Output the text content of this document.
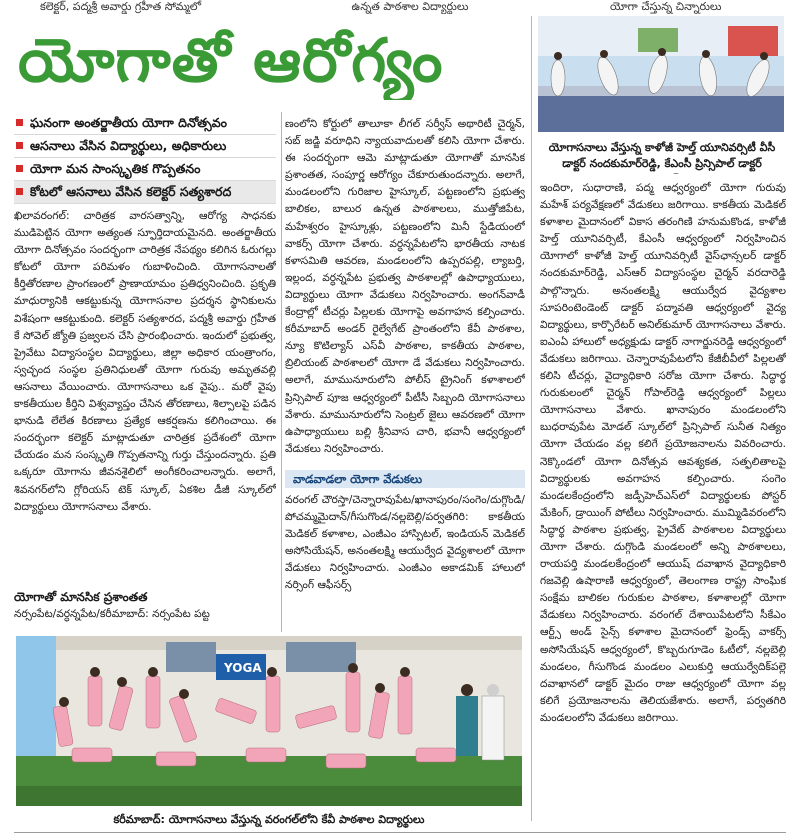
కలెక్టర్, పద్మశ్రీ అవార్డు గ్రహీత సోమ్మలో	ఉన్నత పాఠశాల విద్యార్థులు	యోగా చేస్తున్న చిన్నారులు
యోగాతో ఆరోగ్యం
యోగాసనాలు వేస్తున్న కాళోజీ హెల్త్ యూనివర్సిటీ వీసీ డాక్టర్ నందకుమార్‌రెడ్డి, కేఎంసీ ప్రిన్సిపాల్ డాక్టర్
ఘనంగా అంతర్జాతీయ యోగా దినోత్సవం
ఆసనాలు వేసిన విద్యార్థులు, అధికారులు
యోగా మన సాంస్కృతిక గొప్పతనం
కోటలో ఆసనాలు వేసిన కలెక్టర్ సత్యశారద
ఖిలావరంగల్: చారిత్రక వారసత్వాన్ని, ఆరోగ్య సాధనకు ముడిపెట్టిన యోగా అత్యంత స్ఫూర్తిదాయమైనది. అంతర్జాతీయ యోగా దినోత్సవం సందర్భంగా చారిత్రక నేపథ్యం కలిగిన ఓరుగల్లు కోటలో యోగా పరిమళం గుబాళించింది. యోగాసనాలతో కీర్తితోరణాల ప్రాంగణంలో ప్రాణాయామం ప్రతిధ్వనించింది. ప్రకృతి మాధుర్యానికి ఆకట్టుకున్న యోగాసనాల ప్రదర్శన స్థానికులను విశేషంగా ఆకట్టుకుంది. కలెక్టర్ సత్యశారద, పద్మశ్రీ అవార్డు గ్రహీత కే సోవెల్ జ్యోతి ప్రజ్వలన చేసి ప్రారంభించారు. ఇందులో ప్రభుత్వ, ప్రైవేటు విద్యాసంస్థల విద్యార్థులు, జిల్లా అధికార యంత్రాంగం, స్వచ్ఛంద సంస్థల ప్రతినిధులతో యోగా గురువు అమృతవల్లి ఆసనాలు వేయించారు. యోగాసనాలు ఒక వైపు.. మరో వైపు కాకతీయుల కీర్తిని విశ్వవ్యాప్తం చేసిన తోరణాలు, శిల్పాలపై పడిన భానుడి లేలేత కిరణాలు ప్రత్యేక ఆకర్షణను కలిగించాయి. ఈ సందర్భంగా కలెక్టర్ మాట్లాడుతూ చారిత్రక ప్రదేశంలో యోగా చేయడం మన సంస్కృతి గొప్పతనాన్ని గుర్తు చేస్తుందన్నారు. ప్రతి ఒక్కరూ యోగాను జీవనశైలిలో అంగీకరించాలన్నారు. అలాగే, శివనగర్‌లోని గ్లోరియస్ టెక్ స్కూల్, ఏకశిల డీజీ స్కూల్‌లో విద్యార్థులు యోగాసనాలు వేశారు.
యోగాతో మానసిక ప్రశాంతత
నర్సంపేట/వర్ధన్నపేట/కరీమాబాద్: నర్సంపేట పట్ట
ణంలోని కోర్టులో తాలూకా లీగల్ సర్వీస్ అథారిటీ చైర్మన్, సబ్ జడ్జి వరూధిని న్యాయవాదులతో కలిసి యోగా చేశారు. ఈ సందర్భంగా ఆమె మాట్లాడుతూ యోగాతో మానసిక ప్రశాంతత, సంపూర్ణ ఆరోగ్యం చేకూరుతుందన్నారు. అలాగే, మండలంలోని గురిజాల హైస్కూల్, పట్టణంలోని ప్రభుత్వ బాలికల, బాలుర ఉన్నత పాఠశాలలు, ముత్తోజిపేట, మహేశ్వరం హైస్కూళ్లు, పట్టణంలోని మినీ స్టేడియంలో వాకర్స్ యోగా చేశారు. వర్ధన్నపేటలోని భారతీయ నాటక కళాసమితి ఆవరణ, మండలంలోని ఉప్పరపల్లి, ల్యాబర్తి, ఇల్లంద, వర్ధన్నపేట ప్రభుత్వ పాఠశాలల్లో ఉపాధ్యాయులు, విద్యార్థులు యోగా వేడుకలు నిర్వహించారు. అంగన్‌వాడీ కేంద్రాల్లో టీచర్లు పిల్లలకు యోగాపై అవగాహన కల్పించారు. కరీమాబాద్ అండర్ రైల్వేగేట్ ప్రాంతంలోని కేవీ పాఠశాల, న్యూ కొటిల్యాస్ ఎస్‌వీ పాఠశాల, కాకతీయ పాఠశాల, బ్రిలియంట్ పాఠశాలలో యోగా డే వేడుకలు నిర్వహించారు. అలాగే, మామునూరులోని పోలీస్ ట్రైనింగ్ కళాశాలలో ప్రిన్సిపాల్ పూజ ఆధ్వర్యంలో పీటీసీ సిబ్బంది యోగాసనాలు వేశారు. మామునూరులోని సెంట్రల్ జైలు ఆవరణలో యోగా ఉపాధ్యాయులు బల్లి శ్రీనివాస చారి, భవానీ ఆధ్వర్యంలో వేడుకలు నిర్వహించారు.
వాడవాడలా యోగా వేడుకలు
వరంగల్‌ చౌరస్తా/చెన్నారావుపేట/ఖానాపురం/సంగెం/దుగ్గొండి/పోచమ్మమైదాన్/గీసుగొండ/నల్లబెల్లి/పర్వతగిరి: కాకతీయ మెడికల్ కళాశాల, ఎంజీఎం హాస్పిటల్, ఇండియన్ మెడికల్ అసోసియేషన్, అనంతలక్ష్మి ఆయుర్వేద వైద్యశాలలో యోగా వేడుకలు నిర్వహించారు. ఎంజీఎం అకాడమిక్ హాలులో నర్సింగ్ ఆఫీసర్స్
ఇందిరా, సుధారాణి, పద్మ ఆధ్వర్యంలో యోగా గురువు మహేశ్ పర్యవేక్షణలో వేడుకలు జరిగాయి. కాకతీయ మెడికల్ కళాశాల మైదానంలో వికాస తరంగిణి హనుమకొండ, కాళోజీ హెల్త్ యూనివర్సిటీ, కేఎంసీ ఆధ్వర్యంలో నిర్వహించిన యోగాలో కాళోజీ హెల్త్ యూనివర్సిటీ వైస్‌ఛాన్సలర్ డాక్టర్ నందకుమార్‌రెడ్డి, ఎస్‌ఆర్ విద్యాసంస్థల చైర్మన్ వరదారెడ్డి పాల్గొన్నారు. అనంతలక్ష్మి ఆయుర్వేద వైద్యశాల సూపరింటెండెంట్ డాక్టర్ పద్మావతి ఆధ్వర్యంలో వైద్య విద్యార్థులు, కార్పొరేటర్ అనిల్‌కుమార్ యోగాసనాలు వేశారు. ఐఎంఏ హాలులో అధ్యక్షుడు డాక్టర్ నాగార్జునరెడ్డి ఆధ్వర్యంలో వేడుకలు జరిగాయి. చెన్నారావుపేటలోని కేజీబీవీలో పిల్లలతో కలిసి టీచర్లు, వైద్యాధికారి సరోజ యోగా చేశారు. సిద్ధార్థ గురుకులంలో చైర్మన్ గోపాల్‌రెడ్డి ఆధ్వర్యంలో పిల్లలు యోగాసనాలు వేశారు. ఖానాపురం మండలంలోని బుధరావుపేట మోడల్ స్కూల్‌లో ప్రిన్సిపాల్ సునీత నిత్యం యోగా చేయడం వల్ల కలిగే ప్రయోజనాలను వివరించారు. నెక్కొండలో యోగా దినోత్సవ ఆవశ్యకత, సత్ఫలితాలపై విద్యార్థులకు అవగాహన కల్పించారు. సంగెం మండలకేంద్రంలోని జడ్పీహెచ్ఎస్‌లో విద్యార్థులకు పోస్టర్ మేకింగ్, డ్రాయింగ్ పోటీలు నిర్వహించారు. ముమ్మిడివరంలోని సిద్ధార్థ పాఠశాల ప్రభుత్వ, ప్రైవేట్ పాఠశాలల విద్యార్థులు యోగా చేశారు. దుగ్గొండి మండలంలో అన్ని పాఠశాలలు, రాయపర్తి మండలకేంద్రంలో ఆయుష్ దవాఖాన వైద్యాధికారి గజవెల్లి ఉషారాణి ఆధ్వర్యంలో, తెలంగాణ రాష్ట్ర సాంఘిక సంక్షేమ బాలికల గురుకుల పాఠశాల, కళాశాలల్లో యోగా వేడుకలు నిర్వహించారు. వరంగల్ దేశాయిపేటలోని సీకేఎం ఆర్ట్స్ అండ్ సైన్స్ కళాశాల మైదానంలో ఫ్రెండ్స్ వాకర్స్ అసోసియేషన్ ఆధ్వర్యంలో, కొబ్బరుగూడెం ఓటీలో, నల్లబెల్లి మండలం, గీసుగొండ మండలం ఎలుకుర్తి ఆయుర్వేదిక్‌పల్లె దవాఖానలో డాక్టర్ మైదం రాజు ఆధ్వర్యంలో యోగా వల్ల కలిగే ప్రయోజనాలను తెలియజేశారు. అలాగే, పర్వతగిరి మండలంలోని వేడుకలు జరిగాయి.
YOGA
కరీమాబాద్: యోగాసనాలు వేస్తున్న వరంగల్‌లోని కేవీ పాఠశాల విద్యార్థులు
